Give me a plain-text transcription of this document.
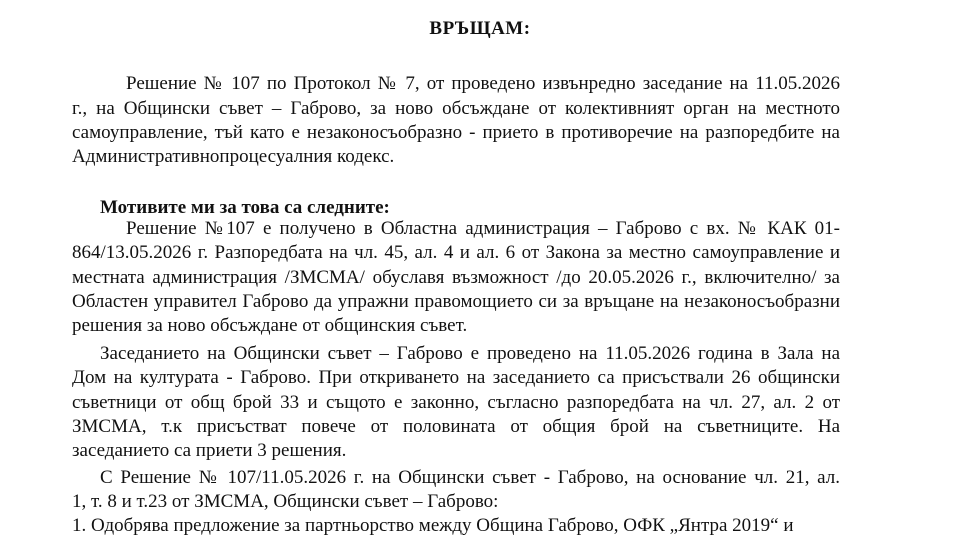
ВРЪЩАМ:
Решение № 107 по Протокол № 7, от проведено извънредно заседание на 11.05.2026
г., на Общински съвет – Габрово, за ново обсъждане от колективният орган на местното
самоуправление, тъй като е незаконосъобразно - прието в противоречие на разпоредбите на
Административнопроцесуалния кодекс.
Мотивите ми за това са следните:
Решение №107 е получено в Областна администрация – Габрово с вх. № КАК 01-
864/13.05.2026 г. Разпоредбата на чл. 45, ал. 4 и ал. 6 от Закона за местно самоуправление и
местната администрация /ЗМСМА/ обуславя възможност /до 20.05.2026 г., включително/ за
Областен управител Габрово да упражни правомощието си за връщане на незаконосъобразни
решения за ново обсъждане от общинския съвет.
Заседанието на Общински съвет – Габрово е проведено на 11.05.2026 година в Зала на
Дом на културата - Габрово. При откриването на заседанието са присъствали 26 общински
съветници от общ брой 33 и същото е законно, съгласно разпоредбата на чл. 27, ал. 2 от
ЗМСМА, т.к присъстват повече от половината от общия брой на съветниците. На
заседанието са приети 3 решения.
С Решение № 107/11.05.2026 г. на Общински съвет - Габрово, на основание чл. 21, ал.
1, т. 8 и т.23 от ЗМСМА, Общински съвет – Габрово:
1. Одобрява предложение за партньорство между Община Габрово, ОФК „Янтра 2019“ и
